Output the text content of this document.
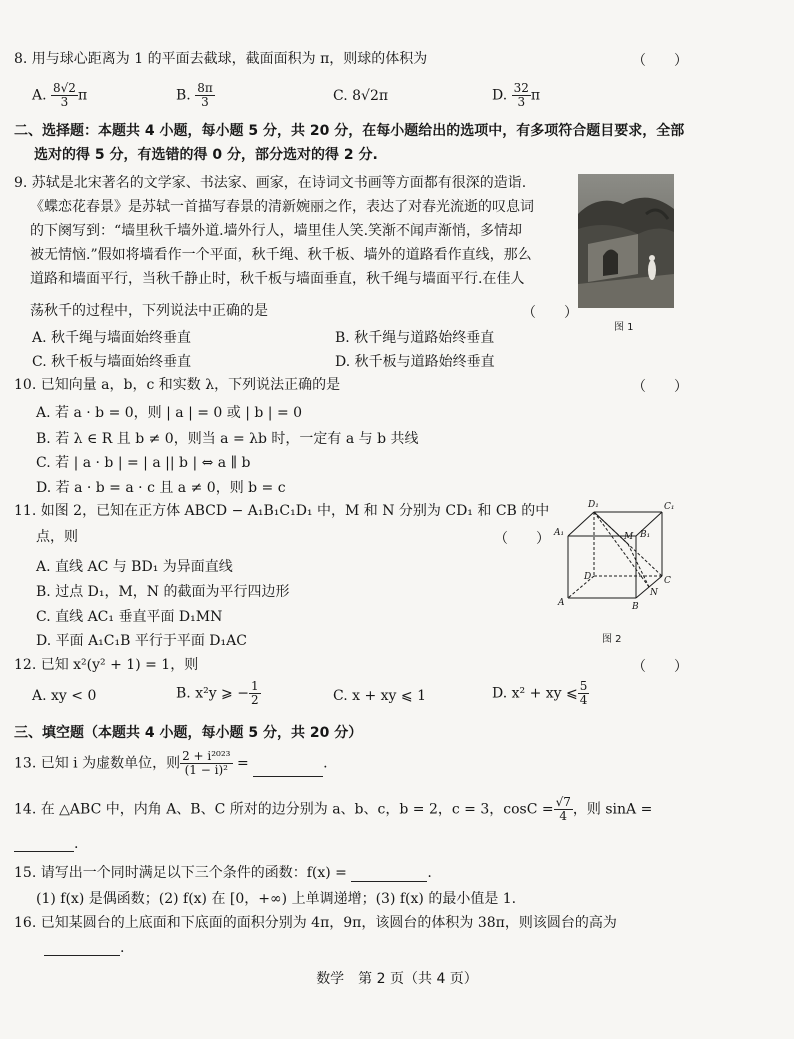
8. 用与球心距离为 1 的平面去截球，截面面积为 π，则球的体积为	（　　）
A. $\frac{8√2}{3}$ π	B. $\frac{8\pi}{3}$	C. 8√2π	D. $\frac{32}{3}$ π
二、选择题：本题共 4 小题，每小题 5 分，共 20 分，在每小题给出的选项中，有多项符合题目要求，全部
选对的得 5 分，有选错的得 0 分，部分选对的得 2 分.
9. 苏轼是北宋著名的文学家、书法家、画家，在诗词文书画等方面都有很深的造诣.
《蝶恋花春景》是苏轼一首描写春景的清新婉丽之作，表达了对春光流逝的叹息词
的下阕写到：“墙里秋千墙外道.墙外行人，墙里佳人笑.笑渐不闻声渐悄，多情却
被无情恼.”假如将墙看作一个平面，秋千绳、秋千板、墙外的道路看作直线，那么
道路和墙面平行，当秋千静止时，秋千板与墙面垂直，秋千绳与墙面平行.在佳人
荡秋千的过程中，下列说法中正确的是	（　　）
图 1
A. 秋千绳与墙面始终垂直	B. 秋千绳与道路始终垂直
C. 秋千板与墙面始终垂直	D. 秋千板与道路始终垂直
10. 已知向量 a，b，c 和实数 λ，下列说法正确的是	（　　）
A. 若 a · b = 0，则 | a | = 0 或 | b | = 0
B. 若 λ ∈ R 且 b ≠ 0，则当 a = λb 时，一定有 a 与 b 共线
C. 若 | a · b | = | a || b | ⇔ a ∥ b
D. 若 a · b = a · c 且 a ≠ 0，则 b = c
11. 如图 2，已知在正方体 ABCD − A₁B₁C₁D₁ 中，M 和 N 分别为 CD₁ 和 CB 的中
点，则	（　　）
A. 直线 AC 与 BD₁ 为异面直线
B. 过点 D₁，M，N 的截面为平行四边形
C. 直线 AC₁ 垂直平面 D₁MN
D. 平面 A₁C₁B 平行于平面 D₁AC
D₁	C₁
A₁	B₁
M
D	C
N
A	B
图 2
12. 已知 x²(y² + 1) = 1，则	（　　）
A. xy < 0	B. x²y ⩾ − $\frac{1}{2}$	C. x + xy ⩽ 1	D. x² + xy ⩽ $\frac{5}{4}$
三、填空题（本题共 4 小题，每小题 5 分，共 20 分）
13. 已知 i 为虚数单位，则 $\frac{\text{2 + i²⁰²³}}{\text{(1 − i)²}}$ =	.
14. 在 △ABC 中，内角 A、B、C 所对的边分别为 a、b、c，b = 2，c = 3，$\cos C = \frac{√7}{4}$ ，则 sinA =
.
15. 请写出一个同时满足以下三个条件的函数：f(x) =	.
(1) f(x) 是偶函数；(2) f(x) 在 [0，+∞) 上单调递增；(3) f(x) 的最小值是 1.
16. 已知某圆台的上底面和下底面的面积分别为 4π，9π，该圆台的体积为 38π，则该圆台的高为
.
数学　第 2 页（共 4 页）
